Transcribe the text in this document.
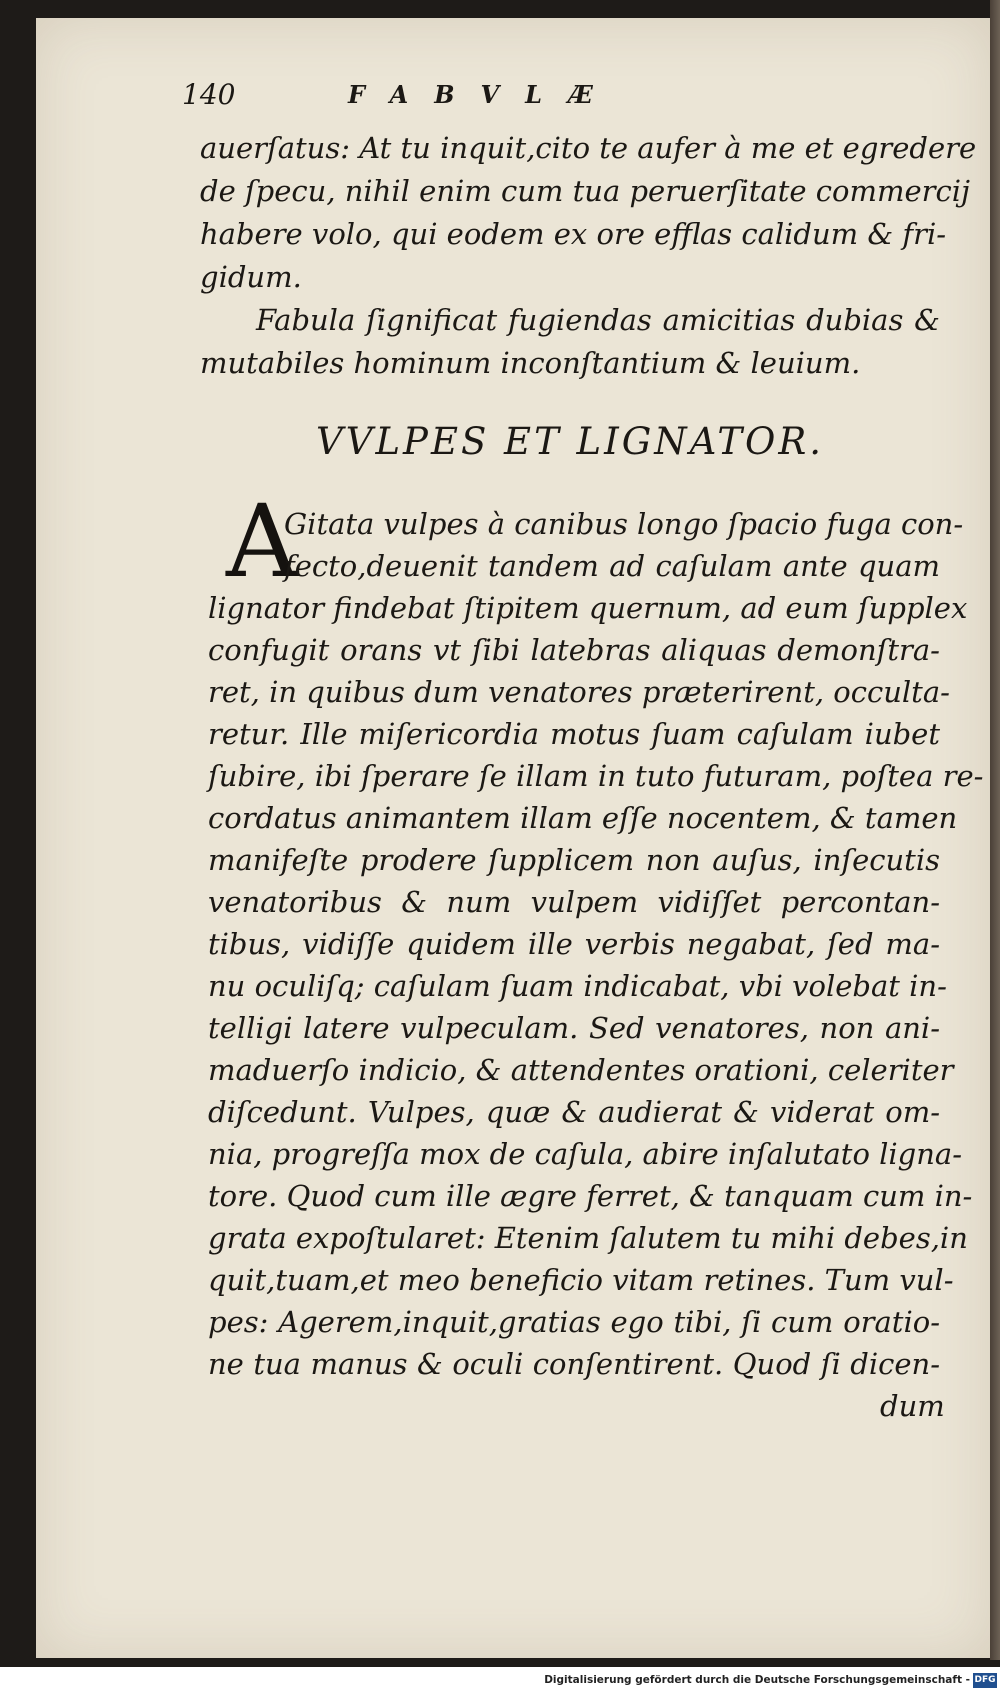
140	FABVLÆ
auerſatus: At tu inquit,cito te aufer à me et egredere
de ſpecu, nihil enim cum tua peruerſitate commercij
habere volo, qui eodem ex ore efflas calidum & fri-
gidum.
Fabula ſignificat fugiendas amicitias dubias &
mutabiles hominum inconſtantium & leuium.
VVLPES ET LIGNATOR.
A
Gitata vulpes à canibus longo ſpacio fuga con-
fecto,deuenit tandem ad caſulam ante quam
lignator findebat ſtipitem quernum, ad eum ſupplex
confugit orans vt ſibi latebras aliquas demonſtra-
ret, in quibus dum venatores præterirent, occulta-
retur. Ille miſericordia motus ſuam caſulam iubet
ſubire, ibi ſperare ſe illam in tuto futuram, poſtea re-
cordatus animantem illam eſſe nocentem, & tamen
manifeſte prodere ſupplicem non auſus, inſecutis
venatoribus & num vulpem vidiſſet percontan-
tibus, vidiſſe quidem ille verbis negabat, ſed ma-
nu oculiſq; caſulam ſuam indicabat, vbi volebat in-
telligi latere vulpeculam. Sed venatores, non ani-
maduerſo indicio, & attendentes orationi, celeriter
diſcedunt. Vulpes, quæ & audierat & viderat om-
nia, progreſſa mox de caſula, abire inſalutato ligna-
tore. Quod cum ille ægre ferret, & tanquam cum in-
grata expoſtularet: Etenim ſalutem tu mihi debes,in
quit,tuam,et meo beneficio vitam retines. Tum vul-
pes: Agerem,inquit,gratias ego tibi, ſi cum oratio-
ne tua manus & oculi conſentirent. Quod ſi dicen-
dum
Digitalisierung gefördert durch die Deutsche Forschungsgemeinschaft - DFG
